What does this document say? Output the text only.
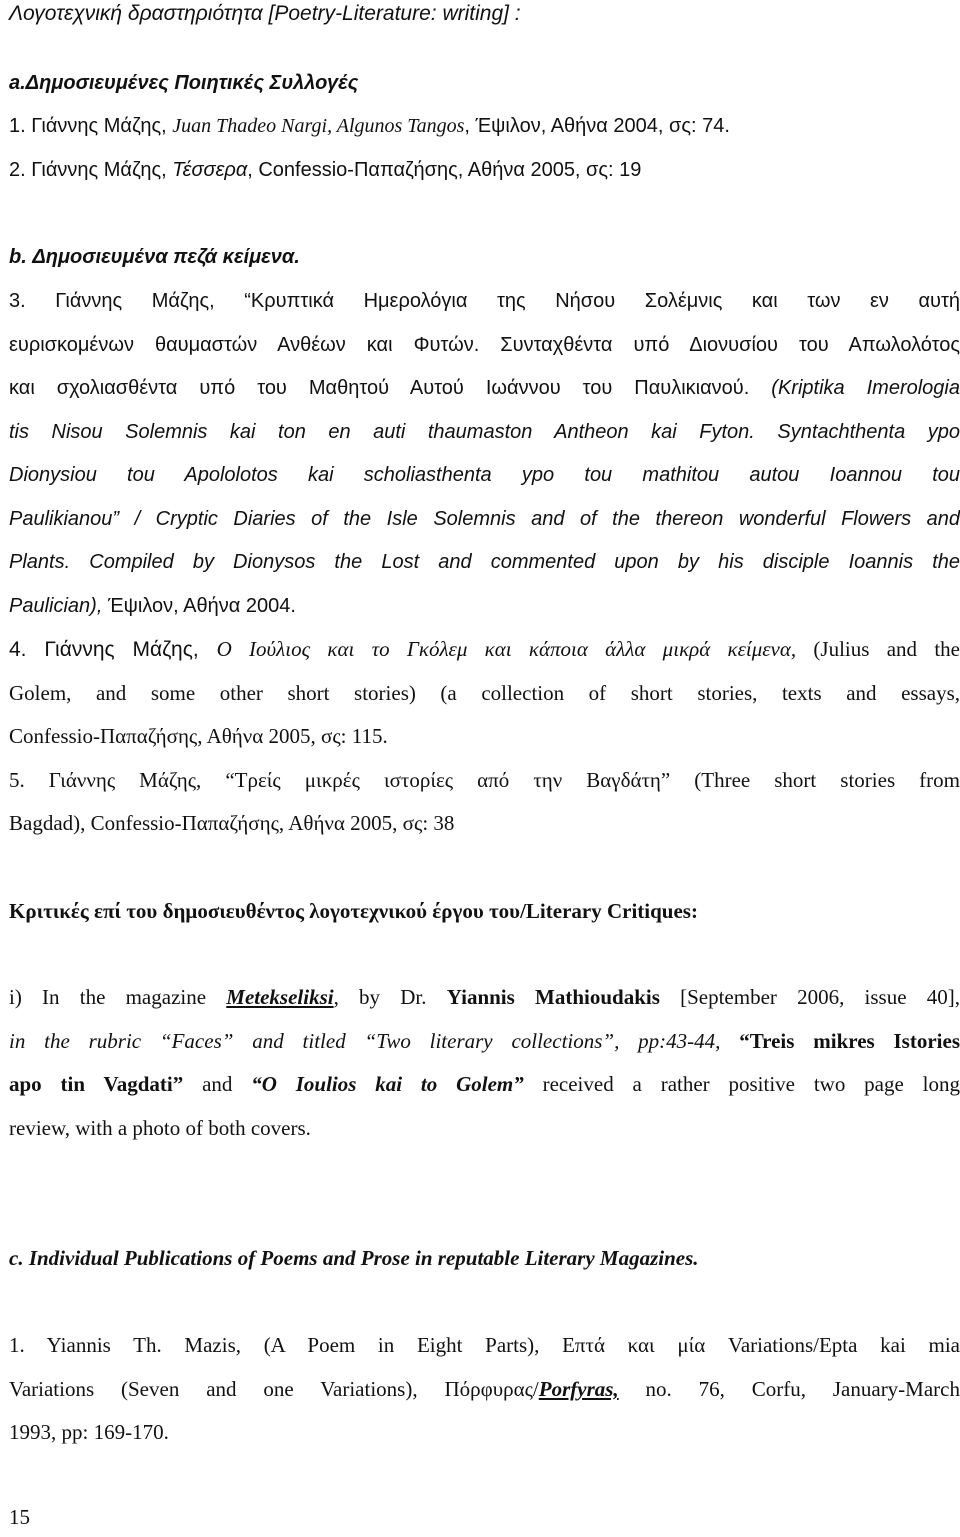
Λογοτεχνική δραστηριότητα [Poetry-Literature: writing] :
a.Δημοσιευμένες Ποιητικές Συλλογές
1. Γιάννης Μάζης, Juan Thadeo Nargi, Algunos Tangos, Έψιλον, Αθήνα 2004, σς: 74.
2. Γιάννης Μάζης, Τέσσερα, Confessio-Παπαζήσης, Αθήνα 2005, σς: 19
b. Δημοσιευμένα πεζά κείμενα.
3. Γιάννης Μάζης, “Κρυπτικά Ημερολόγια της Νήσου Σολέμνις και των εν αυτή
ευρισκομένων θαυμαστών Ανθέων και Φυτών. Συνταχθέντα υπό Διονυσίου του Απωλολότος
και σχολιασθέντα υπό του Μαθητού Αυτού Ιωάννου του Παυλικιανού. (Kriptika Imerologia
tis Nisou Solemnis kai ton en auti thaumaston Antheon kai Fyton. Syntachthenta ypo
Dionysiou tou Apololotos kai scholiasthenta ypo tou mathitou autou Ioannou tou
Paulikianou” / Cryptic Diaries of the Isle Solemnis and of the thereon wonderful Flowers and
Plants. Compiled by Dionysos the Lost and commented upon by his disciple Ioannis the
Paulician), Έψιλον, Αθήνα 2004.
4. Γιάννης Μάζης, Ο Ιούλιος και το Γκόλεμ και κάποια άλλα μικρά κείμενα, (Julius and the
Golem, and some other short stories) (a collection of short stories, texts and essays,
Confessio-Παπαζήσης, Αθήνα 2005, σς: 115.
5. Γιάννης Μάζης, “Τρείς μικρές ιστορίες από την Βαγδάτη” (Three short stories from
Bagdad), Confessio-Παπαζήσης, Αθήνα 2005, σς: 38
Κριτικές επί του δημοσιευθέντος λογοτεχνικού έργου του/Literary Critiques:
i) In the magazine Metekseliksi, by Dr. Yiannis Mathioudakis [September 2006, issue 40],
in the rubric “Faces” and titled “Two literary collections”, pp:43-44, “Treis mikres Istories
apo tin Vagdati” and “O Ioulios kai to Golem” received a rather positive two page long
review, with a photo of both covers.
c. Individual Publications of Poems and Prose in reputable Literary Magazines.
1. Yiannis Th. Mazis, (A Poem in Eight Parts), Επτά και μία Variations/Epta kai mia
Variations (Seven and one Variations), Πόρφυρας/Porfyras, no. 76, Corfu, January-March
1993, pp: 169-170.
15
